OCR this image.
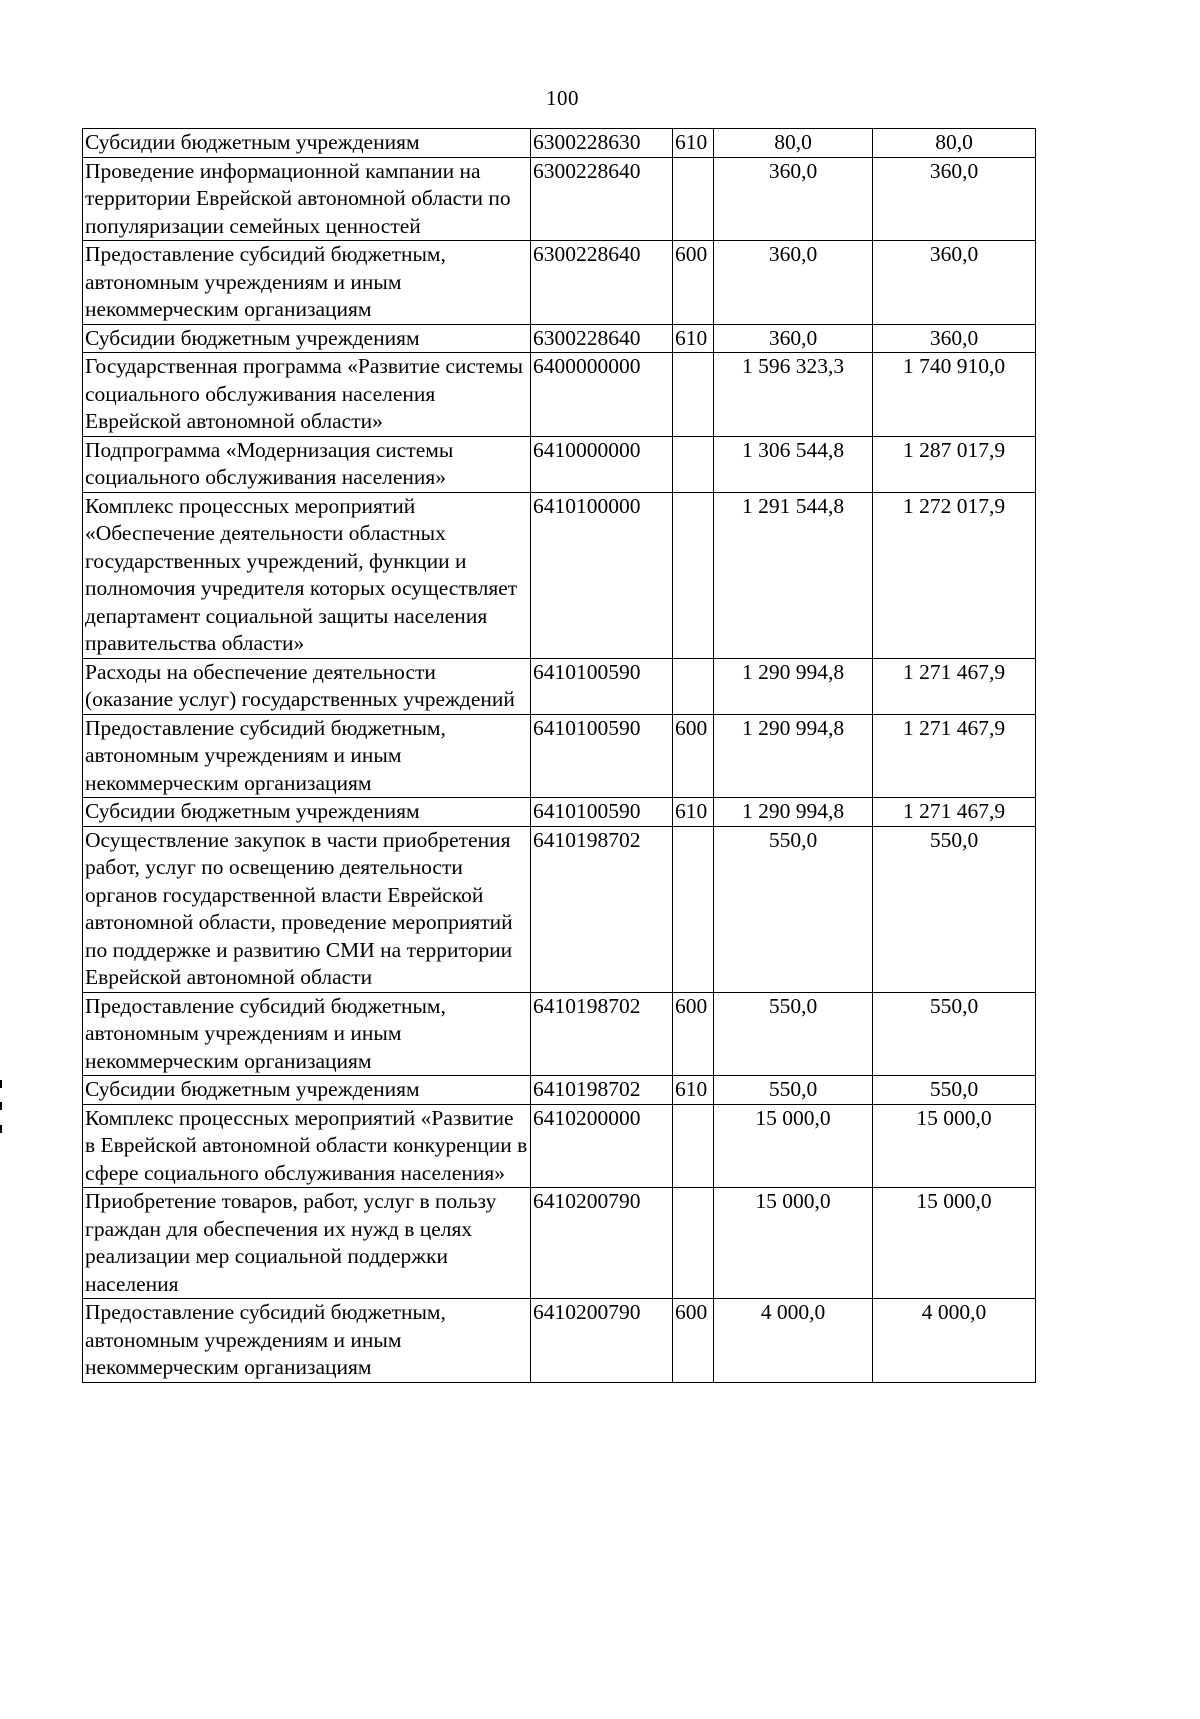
100
Субсидии бюджетным учреждениям	6300228630	610	80,0	80,0
Проведение информационной кампании на территории Еврейской автономной области по популяризации семейных ценностей	6300228640		360,0	360,0
Предоставление субсидий бюджетным, автономным учреждениям и иным некоммерческим организациям	6300228640	600	360,0	360,0
Субсидии бюджетным учреждениям	6300228640	610	360,0	360,0
Государственная программа «Развитие системы социального обслуживания населения Еврейской автономной области»	6400000000		1 596 323,3	1 740 910,0
Подпрограмма «Модернизация системы социального обслуживания населения»	6410000000		1 306 544,8	1 287 017,9
Комплекс процессных мероприятий «Обеспечение деятельности областных государственных учреждений, функции и полномочия учредителя которых осуществляет департамент социальной защиты населения правительства области»	6410100000		1 291 544,8	1 272 017,9
Расходы на обеспечение деятельности (оказание услуг) государственных учреждений	6410100590		1 290 994,8	1 271 467,9
Предоставление субсидий бюджетным, автономным учреждениям и иным некоммерческим организациям	6410100590	600	1 290 994,8	1 271 467,9
Субсидии бюджетным учреждениям	6410100590	610	1 290 994,8	1 271 467,9
Осуществление закупок в части приобретения работ, услуг по освещению деятельности органов государственной власти Еврейской автономной области, проведение мероприятий по поддержке и развитию СМИ на территории Еврейской автономной области	6410198702		550,0	550,0
Предоставление субсидий бюджетным, автономным учреждениям и иным некоммерческим организациям	6410198702	600	550,0	550,0
Субсидии бюджетным учреждениям	6410198702	610	550,0	550,0
Комплекс процессных мероприятий «Развитие в Еврейской автономной области конкуренции в сфере социального обслуживания населения»	6410200000		15 000,0	15 000,0
Приобретение товаров, работ, услуг в пользу граждан для обеспечения их нужд в целях реализации мер социальной поддержки населения	6410200790		15 000,0	15 000,0
Предоставление субсидий бюджетным, автономным учреждениям и иным некоммерческим организациям	6410200790	600	4 000,0	4 000,0
